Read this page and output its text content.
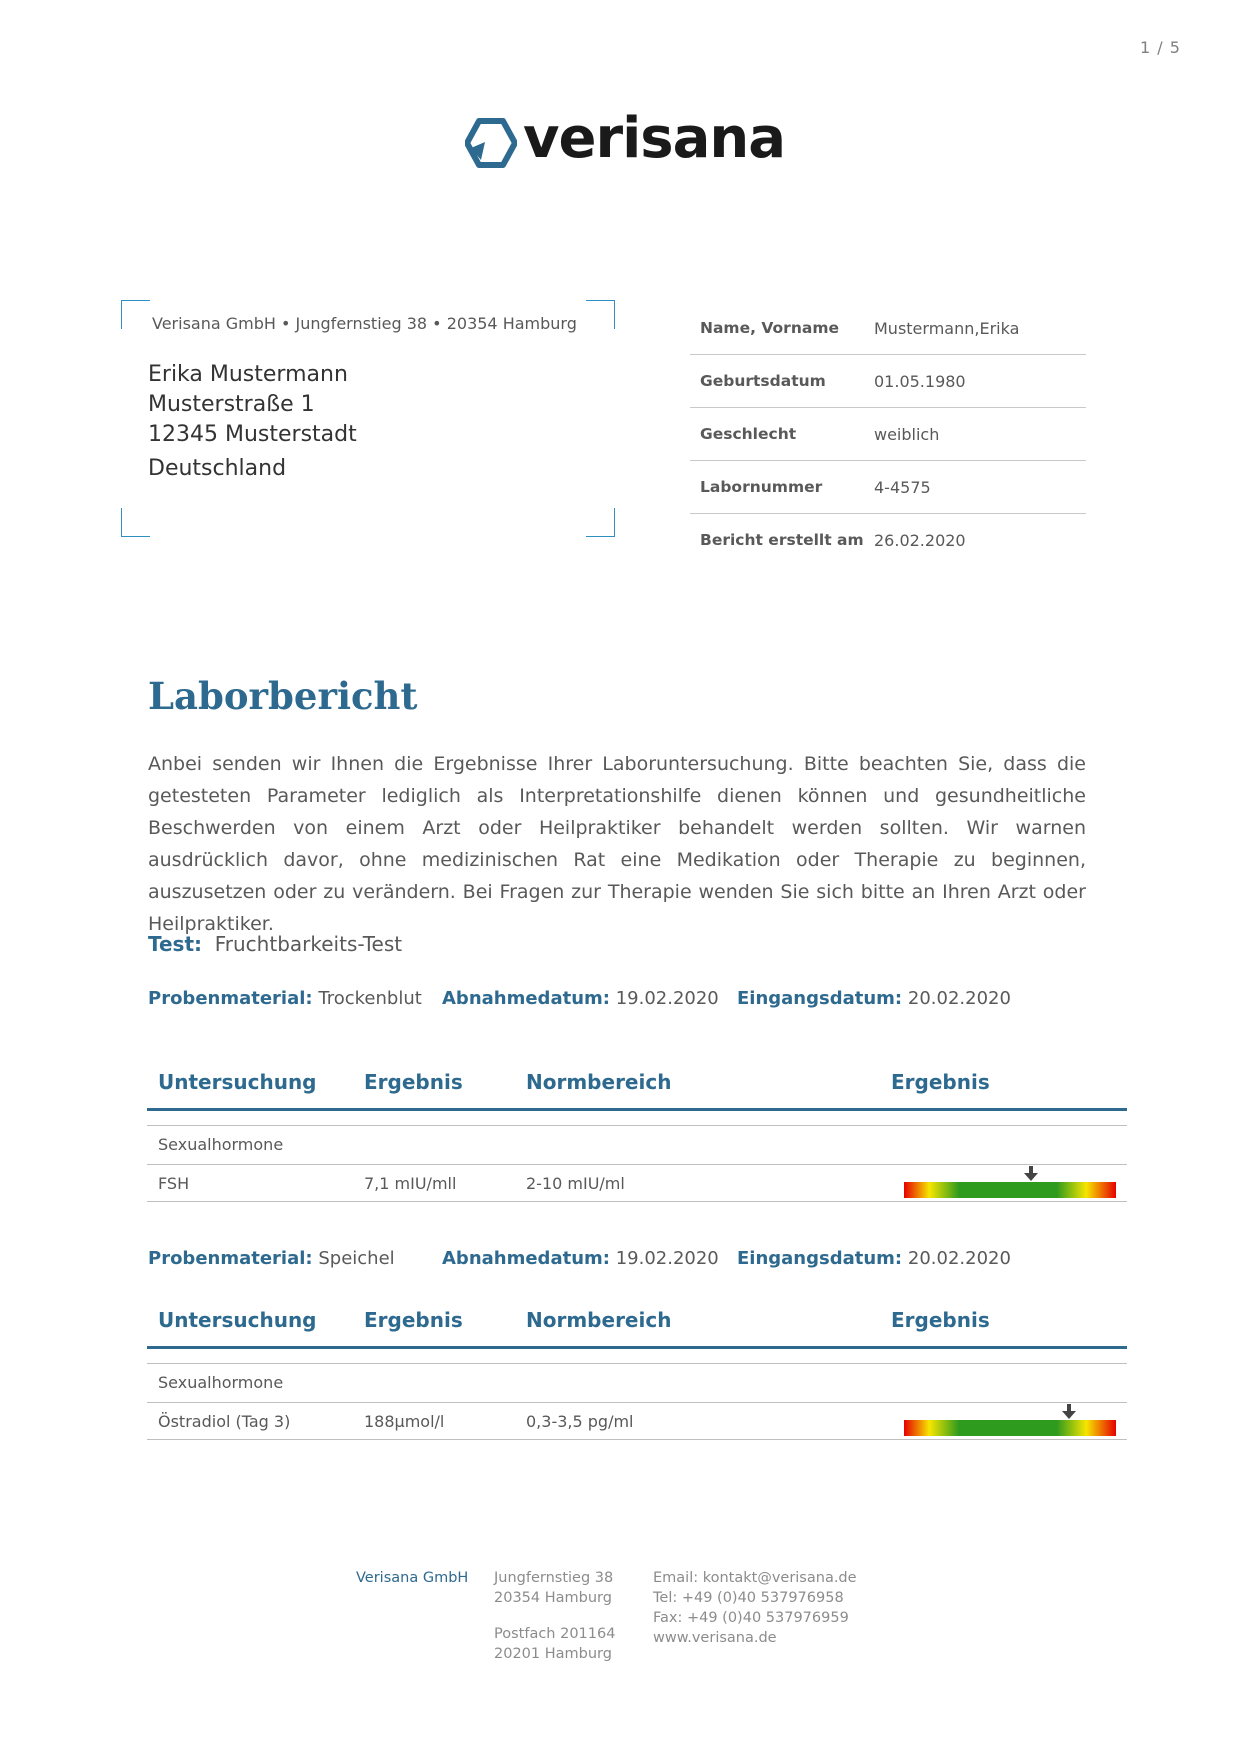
1 / 5
verisana
Verisana GmbH • Jungfernstieg 38 • 20354 Hamburg
Erika Mustermann
Musterstraße 1
12345 Musterstadt
Deutschland
Name, Vorname	Mustermann,Erika
Geburtsdatum	01.05.1980
Geschlecht	weiblich
Labornummer	4-4575
Bericht erstellt am 26.02.2020
Laborbericht
Anbei senden wir Ihnen die Ergebnisse Ihrer Laboruntersuchung. Bitte beachten Sie, dass die getesteten Parameter lediglich als Interpretationshilfe dienen können und gesundheitliche Beschwerden von einem Arzt oder Heilpraktiker behandelt werden sollten. Wir warnen ausdrücklich davor, ohne medizinischen Rat eine Medikation oder Therapie zu beginnen, auszusetzen oder zu verändern. Bei Fragen zur Therapie wenden Sie sich bitte an Ihren Arzt oder Heilpraktiker.
Test: Fruchtbarkeits-Test
Probenmaterial: Trockenblut Abnahmedatum: 19.02.2020 Eingangsdatum: 20.02.2020
Untersuchung	Ergebnis	Normbereich	Ergebnis
Sexualhormone
FSH	7,1 mIU/mll	2-10 mIU/ml
Probenmaterial: Speichel	Abnahmedatum: 19.02.2020 Eingangsdatum: 20.02.2020
Untersuchung	Ergebnis	Normbereich	Ergebnis
Sexualhormone
Östradiol (Tag 3)	188µmol/l	0,3-3,5 pg/ml
Verisana GmbH Jungfernstieg 38
20354 Hamburg
Postfach 201164
20201 Hamburg
Email: kontakt@verisana.de
Tel: +49 (0)40 537976958
Fax: +49 (0)40 537976959
www.verisana.de
